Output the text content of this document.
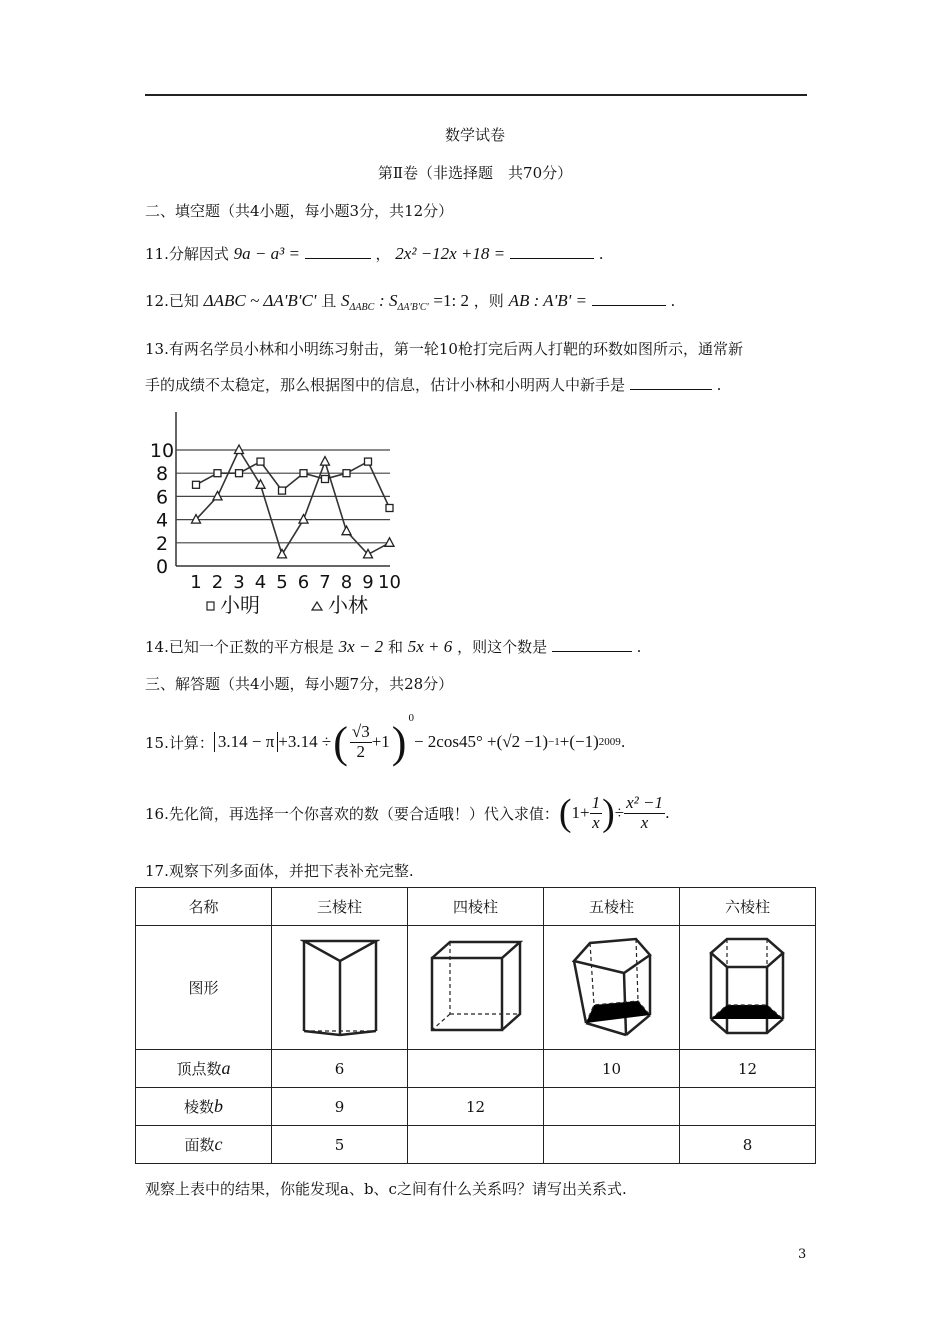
数学试卷
第Ⅱ卷（非选择题　共70分）
二、填空题（共4小题，每小题3分，共12分）
11.分解因式 9a − a³ =	， 2x² −12x +18 =	.
12.已知 ΔABC ~ ΔA'B'C' 且 $S_{\Delta ABC}$ : $S_{\Delta A'B'C'} =1$: 2 ，则 AB : A'B' =	.
13.有两名学员小林和小明练习射击，第一轮10枪打完后两人打靶的环数如图所示，通常新
手的成绩不太稳定，那么根据图中的信息，估计小林和小明两人中新手是	.
0
2
4
6
8
10
1 2 3 4 5 6 7 8 9 10
小明	小林
14.已知一个正数的平方根是 3x − 2 和 5x + 6 ，则这个数是	.
三、解答题（共4小题，每小题7分，共28分）
15.计算： 3.14 − π +3.14 ÷ ( $\frac{√3}{2} +1$ )$^0$
− 2cos45° +(√2 −1) −1 +(−1) 2009 .
16.先化简，再选择一个你喜欢的数（要合适哦！）代入求值： ( $1+ \frac{1}{x}$ ) ÷ $\frac{\text{x² −1}}{x}$ .
17.观察下列多面体，并把下表补充完整.
名称	三棱柱	四棱柱	五棱柱	六棱柱
图形				
顶点数a	6		10	12
棱数b	9	12		
面数c	5			8
观察上表中的结果，你能发现a、b、c之间有什么关系吗？请写出关系式.
3
